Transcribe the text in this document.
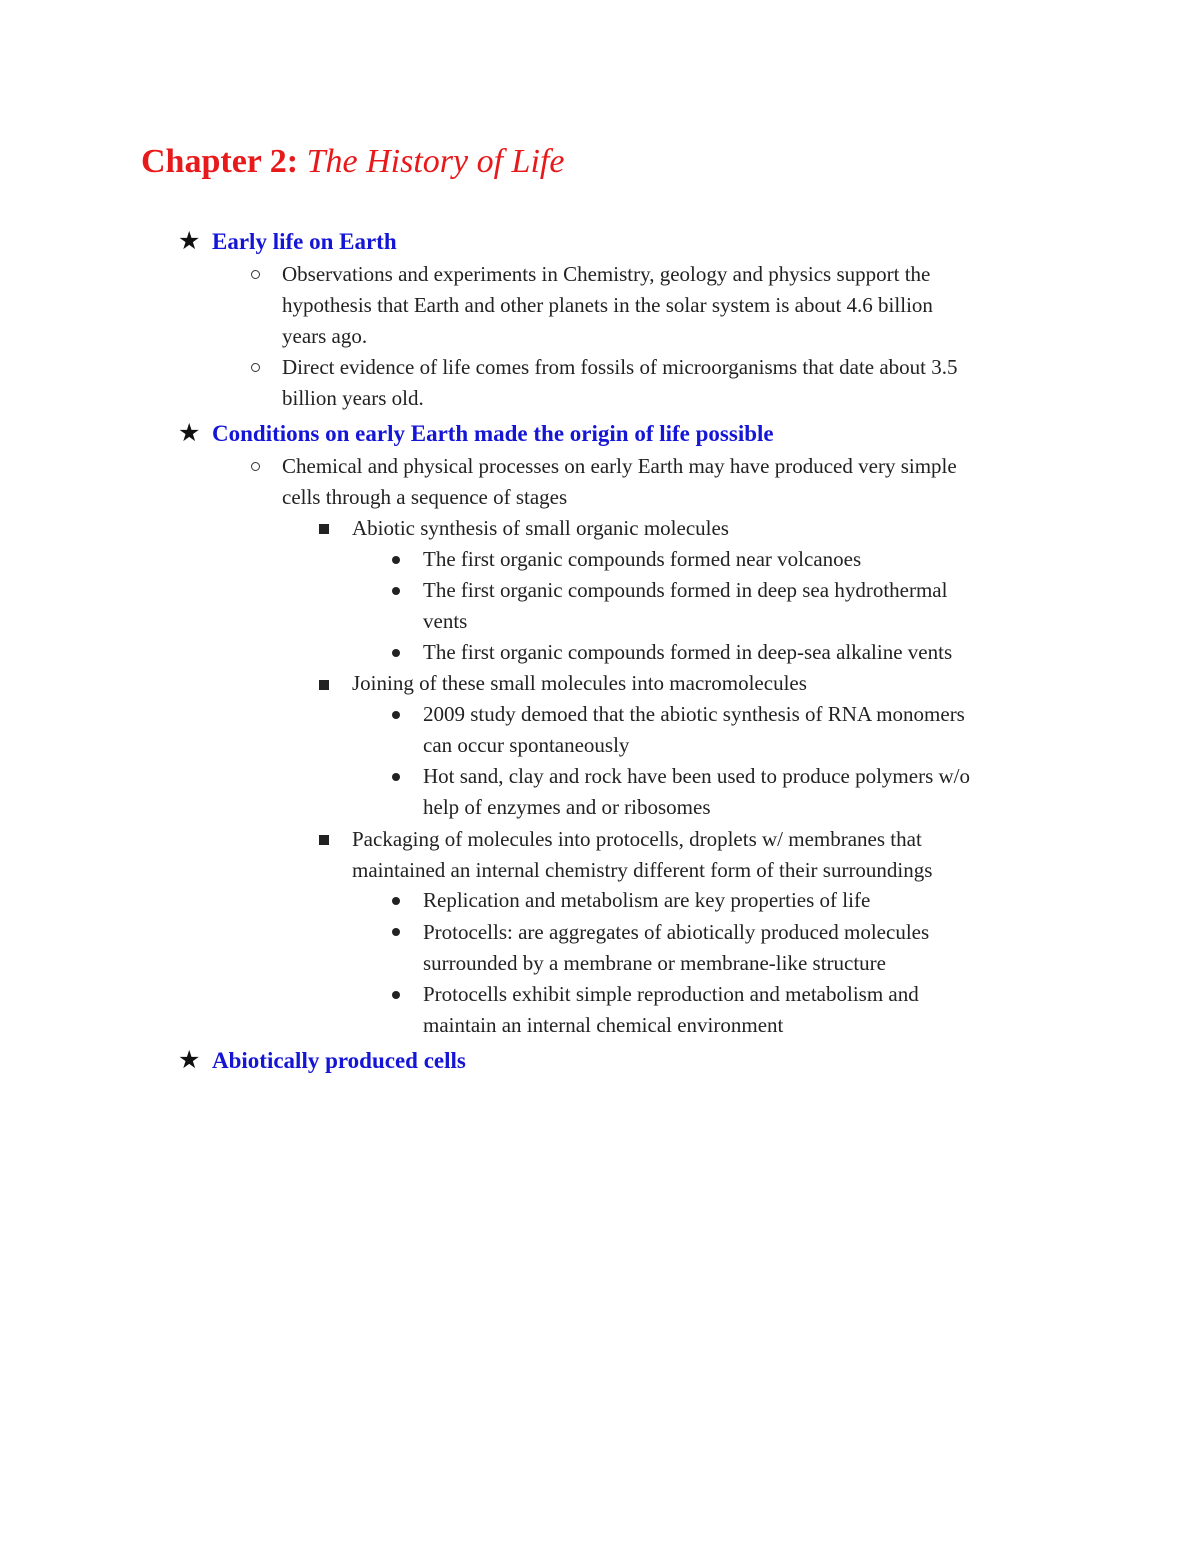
Chapter 2: The History of Life
★ Early life on Earth
Observations and experiments in Chemistry, geology and physics support the
hypothesis that Earth and other planets in the solar system is about 4.6 billion
years ago.
Direct evidence of life comes from fossils of microorganisms that date about 3.5
billion years old.
★ Conditions on early Earth made the origin of life possible
Chemical and physical processes on early Earth may have produced very simple
cells through a sequence of stages
Abiotic synthesis of small organic molecules
The first organic compounds formed near volcanoes
The first organic compounds formed in deep sea hydrothermal
vents
The first organic compounds formed in deep-sea alkaline vents
Joining of these small molecules into macromolecules
2009 study demoed that the abiotic synthesis of RNA monomers
can occur spontaneously
Hot sand, clay and rock have been used to produce polymers w/o
help of enzymes and or ribosomes
Packaging of molecules into protocells, droplets w/ membranes that
maintained an internal chemistry different form of their surroundings
Replication and metabolism are key properties of life
Protocells: are aggregates of abiotically produced molecules
surrounded by a membrane or membrane-like structure
Protocells exhibit simple reproduction and metabolism and
maintain an internal chemical environment
★ Abiotically produced cells
